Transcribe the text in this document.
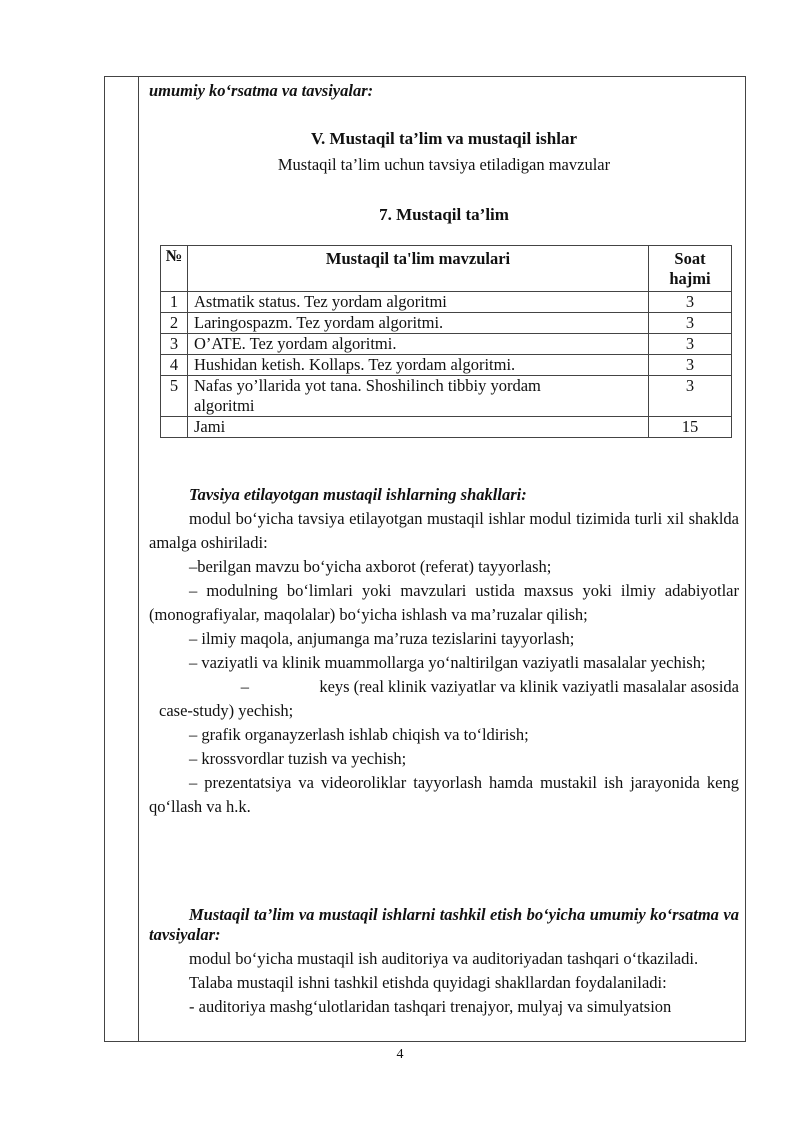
umumiy koʻrsatma va tavsiyalar:

V. Mustaqil ta’lim va mustaqil ishlar

Mustaqil ta’lim uchun tavsiya etiladigan mavzular

7. Mustaqil ta’lim

№	Mustaqil ta'lim mavzulari	Soat hajmi
1	Astmatik status. Tez yordam algoritmi	3
2	Laringospazm. Tez yordam algoritmi.	3
3	O’ATE. Tez yordam algoritmi.	3
4	Hushidan ketish. Kollaps. Tez yordam algoritmi.	3
5	Nafas yo’llarida yot tana. Shoshilinch tibbiy yordam algoritmi	3
	Jami	15

Tavsiya etilayotgan mustaqil ishlarning shakllari:

modul boʻyicha tavsiya etilayotgan mustaqil ishlar modul tizimida turli xil shaklda amalga oshiriladi:

–berilgan mavzu boʻyicha axborot (referat) tayyorlash;

– modulning boʻlimlari yoki mavzulari ustida maxsus yoki ilmiy adabiyotlar (monografiyalar, maqolalar) boʻyicha ishlash va ma’ruzalar qilish;

– ilmiy maqola, anjumanga ma’ruza tezislarini tayyorlash;

– vaziyatli va klinik muammollarga yoʻnaltirilgan vaziyatli masalalar yechish;

–	keys (real klinik vaziyatlar va klinik vaziyatli masalalar asosida

case-study) yechish;

– grafik organayzerlash ishlab chiqish va toʻldirish;

– krossvordlar tuzish va yechish;

– prezentatsiya va videoroliklar tayyorlash hamda mustakil ish jarayonida keng qoʻllash va h.k.

Mustaqil ta’lim va mustaqil ishlarni tashkil etish boʻyicha umumiy koʻrsatma va tavsiyalar:

modul boʻyicha mustaqil ish auditoriya va auditoriyadan tashqari oʻtkaziladi.

Talaba mustaqil ishni tashkil etishda quyidagi shakllardan foydalaniladi:

- auditoriya mashgʻulotlaridan tashqari trenajyor, mulyaj va simulyatsion

4
